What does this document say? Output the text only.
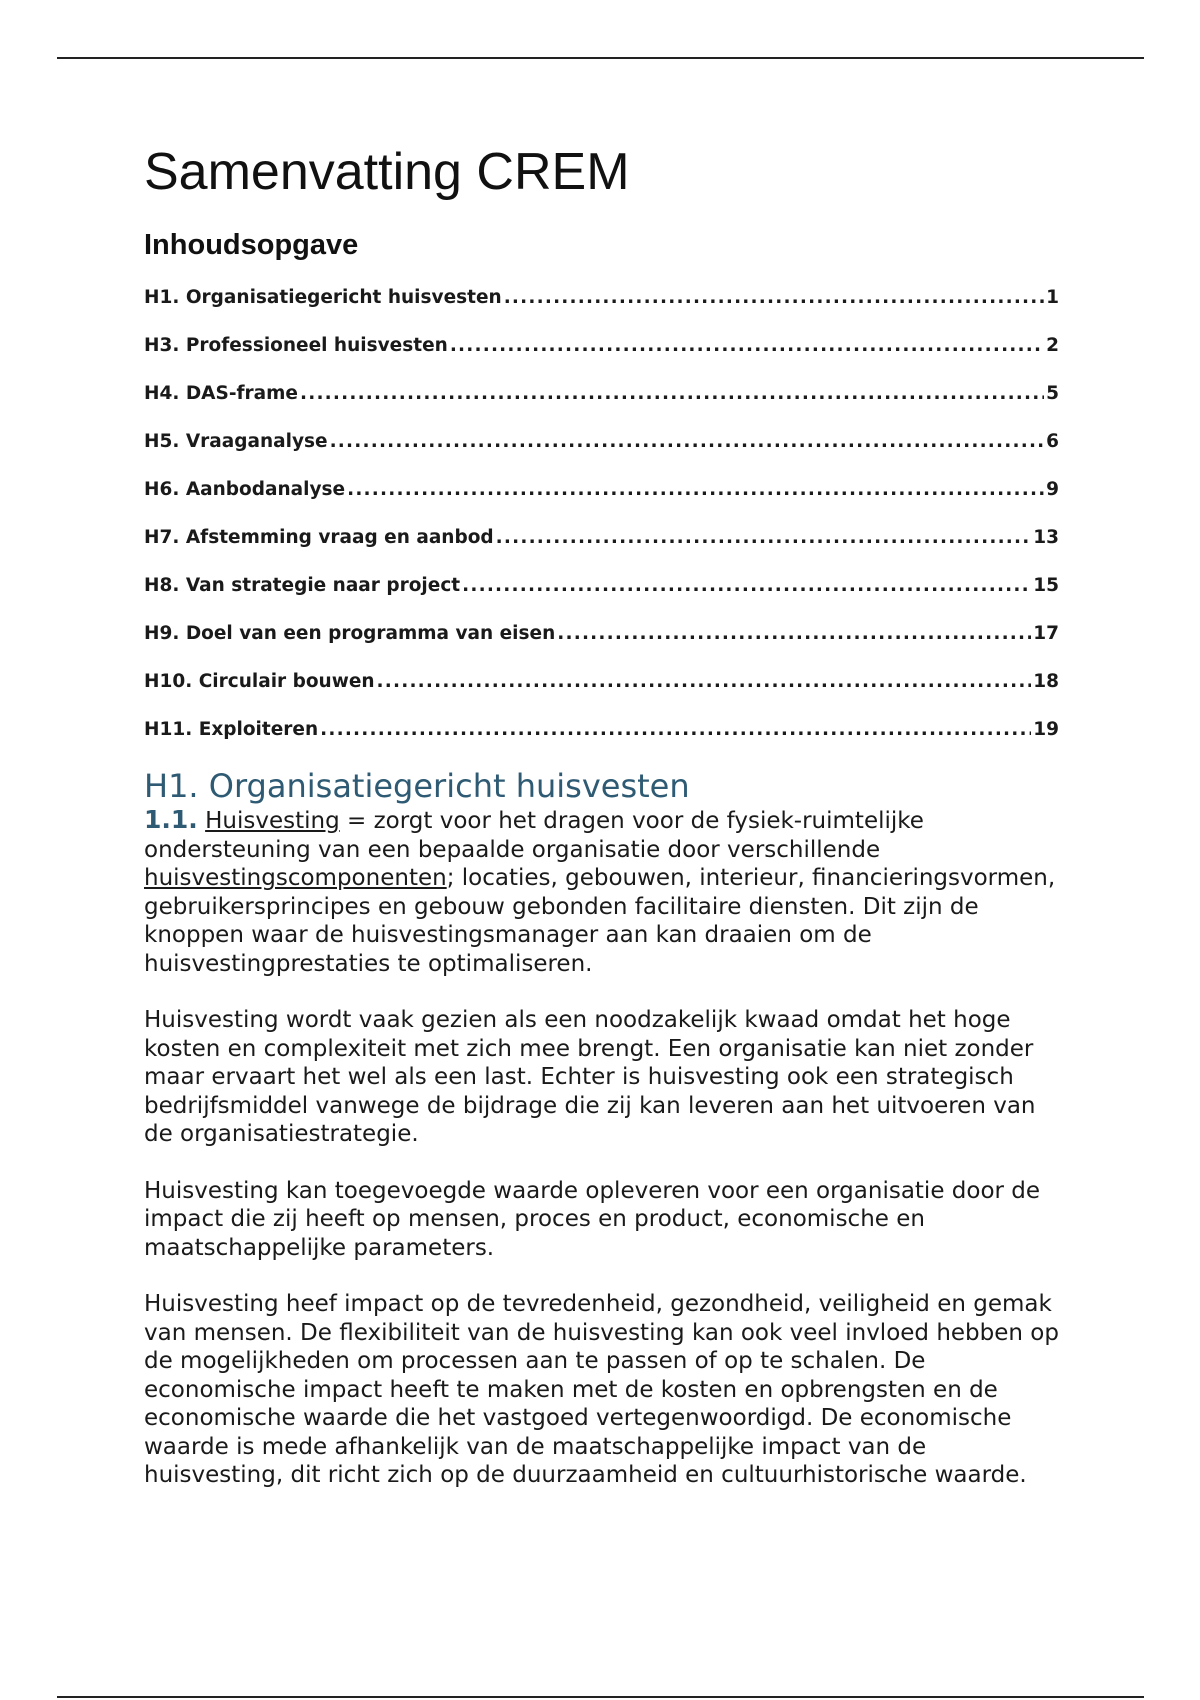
Samenvatting CREM
Inhoudsopgave
H1. Organisatiegericht huisvesten .....	1
H3. Professioneel huisvesten .....	2
H4. DAS-frame .....	5
H5. Vraaganalyse .....	6
H6. Aanbodanalyse .....	9
H7. Afstemming vraag en aanbod .....	13
H8. Van strategie naar project .....	15
H9. Doel van een programma van eisen .....	17
H10. Circulair bouwen .....	18
H11. Exploiteren .....	19
H1. Organisatiegericht huisvesten

1.1. Huisvesting = zorgt voor het dragen voor de fysiek-ruimtelijke ondersteuning van een bepaalde organisatie door verschillende huisvestingscomponenten; locaties, gebouwen, interieur, financieringsvormen, gebruikersprincipes en gebouw gebonden facilitaire diensten. Dit zijn de knoppen waar de huisvestingsmanager aan kan draaien om de huisvestingprestaties te optimaliseren.

Huisvesting wordt vaak gezien als een noodzakelijk kwaad omdat het hoge kosten en complexiteit met zich mee brengt. Een organisatie kan niet zonder maar ervaart het wel als een last. Echter is huisvesting ook een strategisch bedrijfsmiddel vanwege de bijdrage die zij kan leveren aan het uitvoeren van de organisatiestrategie.

Huisvesting kan toegevoegde waarde opleveren voor een organisatie door de impact die zij heeft op mensen, proces en product, economische en maatschappelijke parameters.

Huisvesting heef impact op de tevredenheid, gezondheid, veiligheid en gemak van mensen. De flexibiliteit van de huisvesting kan ook veel invloed hebben op de mogelijkheden om processen aan te passen of op te schalen. De economische impact heeft te maken met de kosten en opbrengsten en de economische waarde die het vastgoed vertegenwoordigd. De economische waarde is mede afhankelijk van de maatschappelijke impact van de huisvesting, dit richt zich op de duurzaamheid en cultuurhistorische waarde.
